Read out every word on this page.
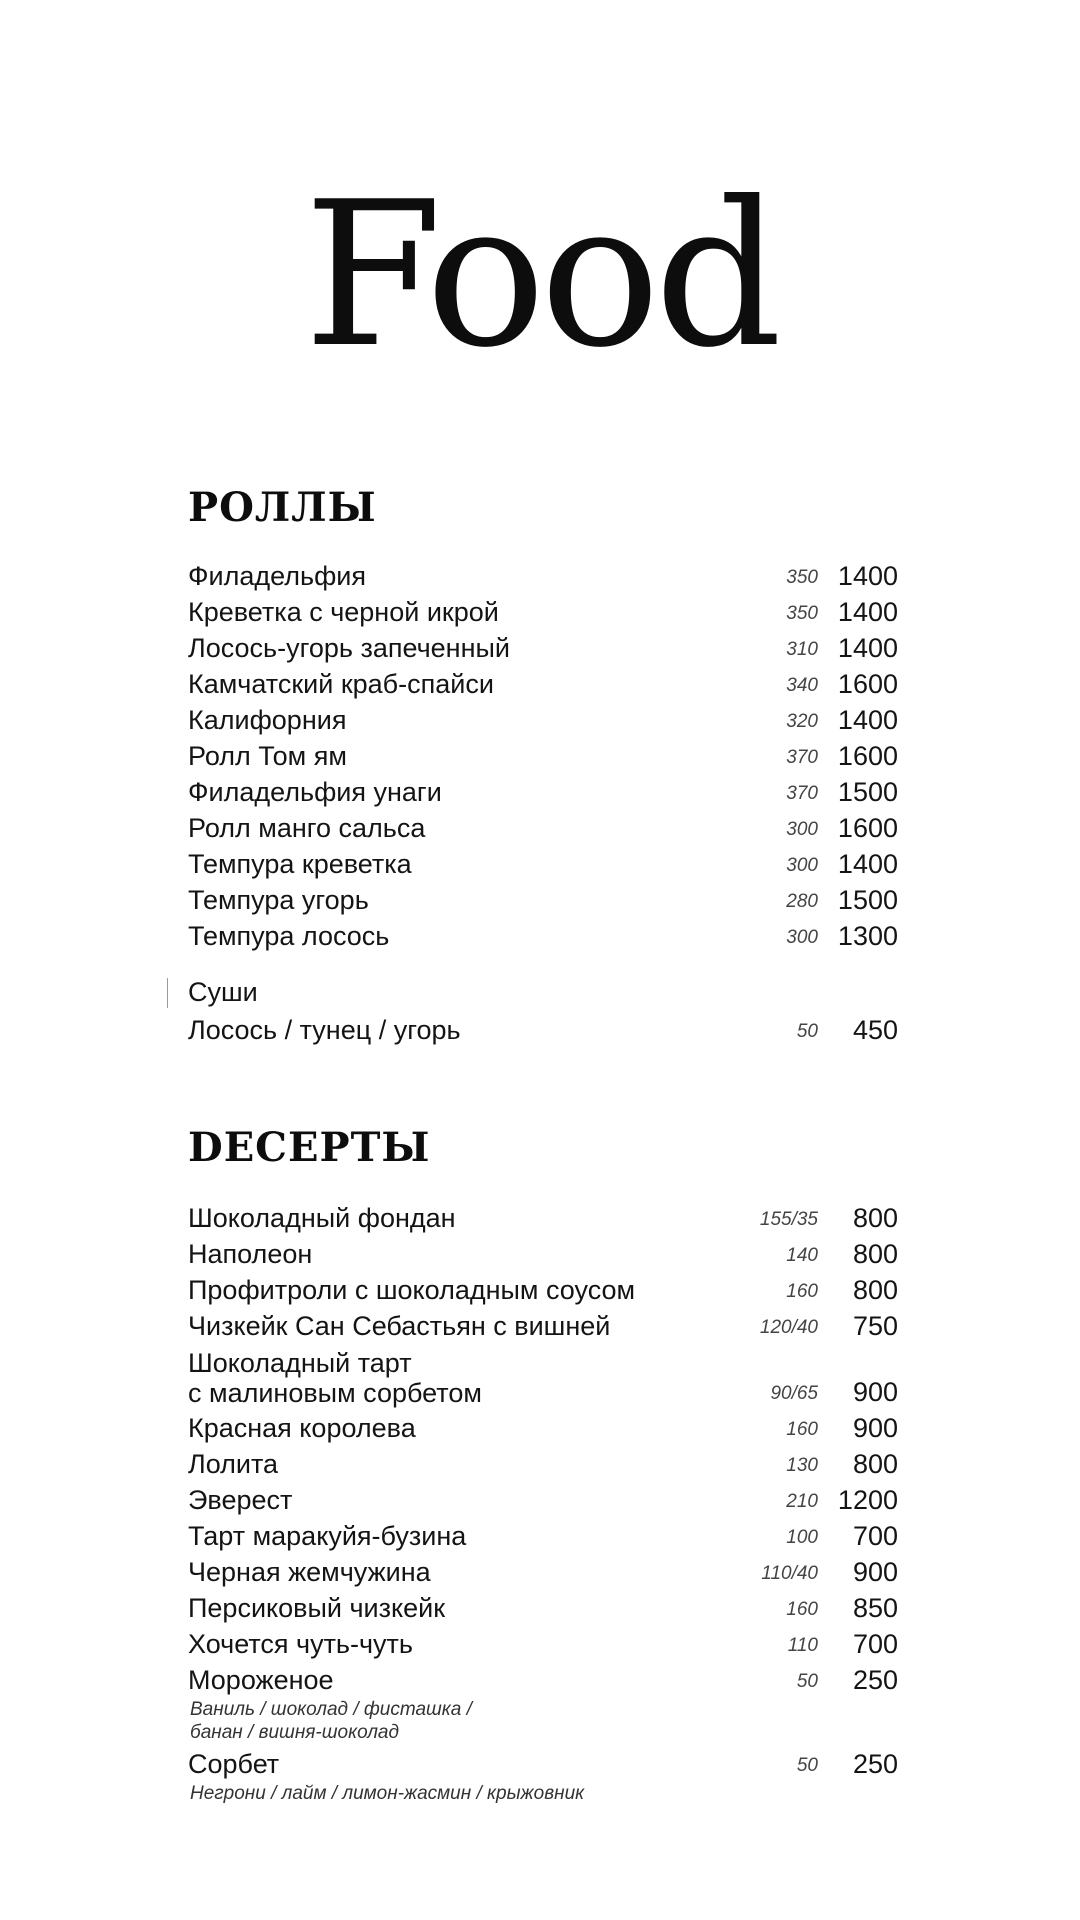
Food
РОЛЛЫ
Филадельфия	350 1400
Креветка с черной икрой	350 1400
Лосось-угорь запеченный	310 1400
Камчатский краб-спайси	340 1600
Калифорния	320 1400
Ролл Том ям	370 1600
Филадельфия унаги	370 1500
Ролл манго сальса	300 1600
Темпура креветка	300 1400
Темпура угорь	280 1500
Темпура лосось	300 1300
Суши
Лосось / тунец / угорь	50	450
DECEPTЫ
Шоколадный фондан	155/35	800
Наполеон	140	800
Профитроли с шоколадным соусом	160	800
Чизкейк Сан Себастьян с вишней	120/40	750
Шоколадный тарт
с малиновым сорбетом	90/65	900
Красная королева	160	900
Лолита	130	800
Эверест	210 1200
Тарт маракуйя-бузина	100	700
Черная жемчужина	110/40	900
Персиковый чизкейк	160	850
Хочется чуть-чуть	110	700
Мороженое	50	250
Ваниль / шоколад / фисташка /
банан / вишня-шоколад
Сорбет	50	250
Негрони / лайм / лимон-жасмин / крыжовник
